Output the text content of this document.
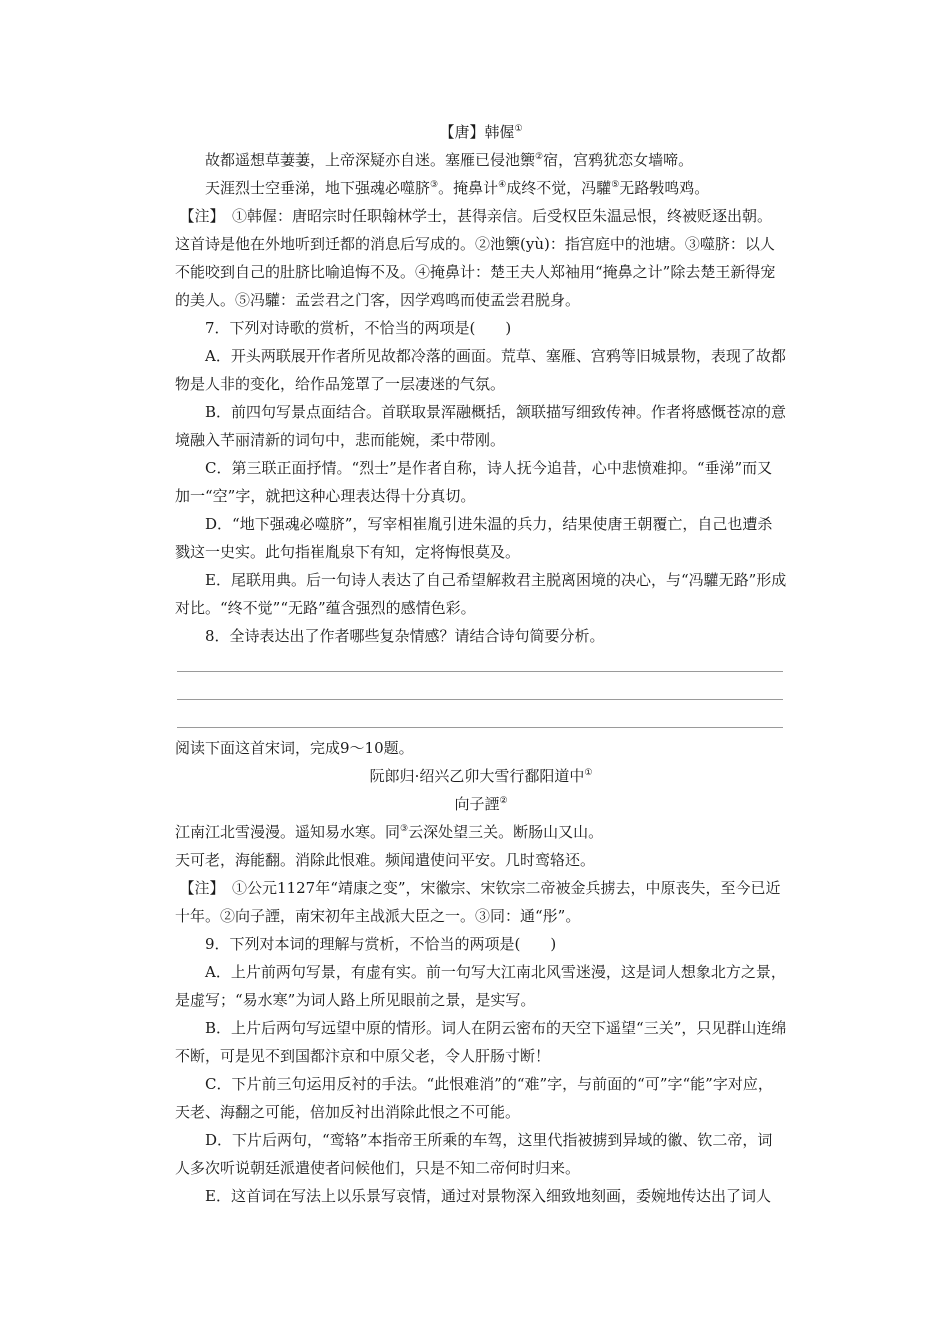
【唐】韩偓①

故都遥想草萋萋，上帝深疑亦自迷。塞雁已侵池籞②宿，宫鸦犹恋女墙啼。

天涯烈士空垂涕，地下强魂必噬脐③。掩鼻计④成终不觉，冯驩⑤无路斅鸣鸡。

【注】　 ①韩偓：唐昭宗时任职翰林学士，甚得亲信。后受权臣朱温忌恨，终被贬逐出朝。这首诗是他在外地听到迁都的消息后写成的。②池籞(yù)：指宫庭中的池塘。③噬脐：以人不能咬到自己的肚脐比喻追悔不及。④掩鼻计：楚王夫人郑袖用“掩鼻之计”除去楚王新得宠的美人。⑤冯驩：孟尝君之门客，因学鸡鸣而使孟尝君脱身。

7．下列对诗歌的赏析，不恰当的两项是(　　)

A．开头两联展开作者所见故都冷落的画面。荒草、塞雁、宫鸦等旧城景物，表现了故都物是人非的变化，给作品笼罩了一层凄迷的气氛。

B．前四句写景点面结合。首联取景浑融概括，颔联描写细致传神。作者将感慨苍凉的意境融入芊丽清新的词句中，悲而能婉，柔中带刚。

C．第三联正面抒情。“烈士”是作者自称，诗人抚今追昔，心中悲愤难抑。“垂涕”而又加一“空”字，就把这种心理表达得十分真切。

D．“地下强魂必噬脐”，写宰相崔胤引进朱温的兵力，结果使唐王朝覆亡，自己也遭杀戮这一史实。此句指崔胤泉下有知，定将悔恨莫及。

E．尾联用典。后一句诗人表达了自己希望解救君主脱离困境的决心，与“冯驩无路”形成对比。“终不觉”“无路”蕴含强烈的感情色彩。

8．全诗表达出了作者哪些复杂情感？请结合诗句简要分析。

阅读下面这首宋词，完成9～10题。

阮郎归·绍兴乙卯大雪行鄱阳道中①

向子諲②

江南江北雪漫漫。遥知易水寒。同③云深处望三关。断肠山又山。

天可老，海能翻。消除此恨难。频闻遣使问平安。几时鸾辂还。

【注】　 ①公元1127年“靖康之变”，宋徽宗、宋钦宗二帝被金兵掳去，中原丧失，至今已近十年。②向子諲，南宋初年主战派大臣之一。③同：通“彤”。

9．下列对本词的理解与赏析，不恰当的两项是(　　)

A．上片前两句写景，有虚有实。前一句写大江南北风雪迷漫，这是词人想象北方之景，是虚写；“易水寒”为词人路上所见眼前之景，是实写。

B．上片后两句写远望中原的情形。词人在阴云密布的天空下遥望“三关”，只见群山连绵不断，可是见不到国都汴京和中原父老，令人肝肠寸断！

C．下片前三句运用反衬的手法。“此恨难消”的“难”字，与前面的“可”字“能”字对应，天老、海翻之可能，倍加反衬出消除此恨之不可能。

D．下片后两句，“鸾辂”本指帝王所乘的车驾，这里代指被掳到异域的徽、钦二帝，词人多次听说朝廷派遣使者问候他们，只是不知二帝何时归来。

E．这首词在写法上以乐景写哀情，通过对景物深入细致地刻画，委婉地传达出了词人
